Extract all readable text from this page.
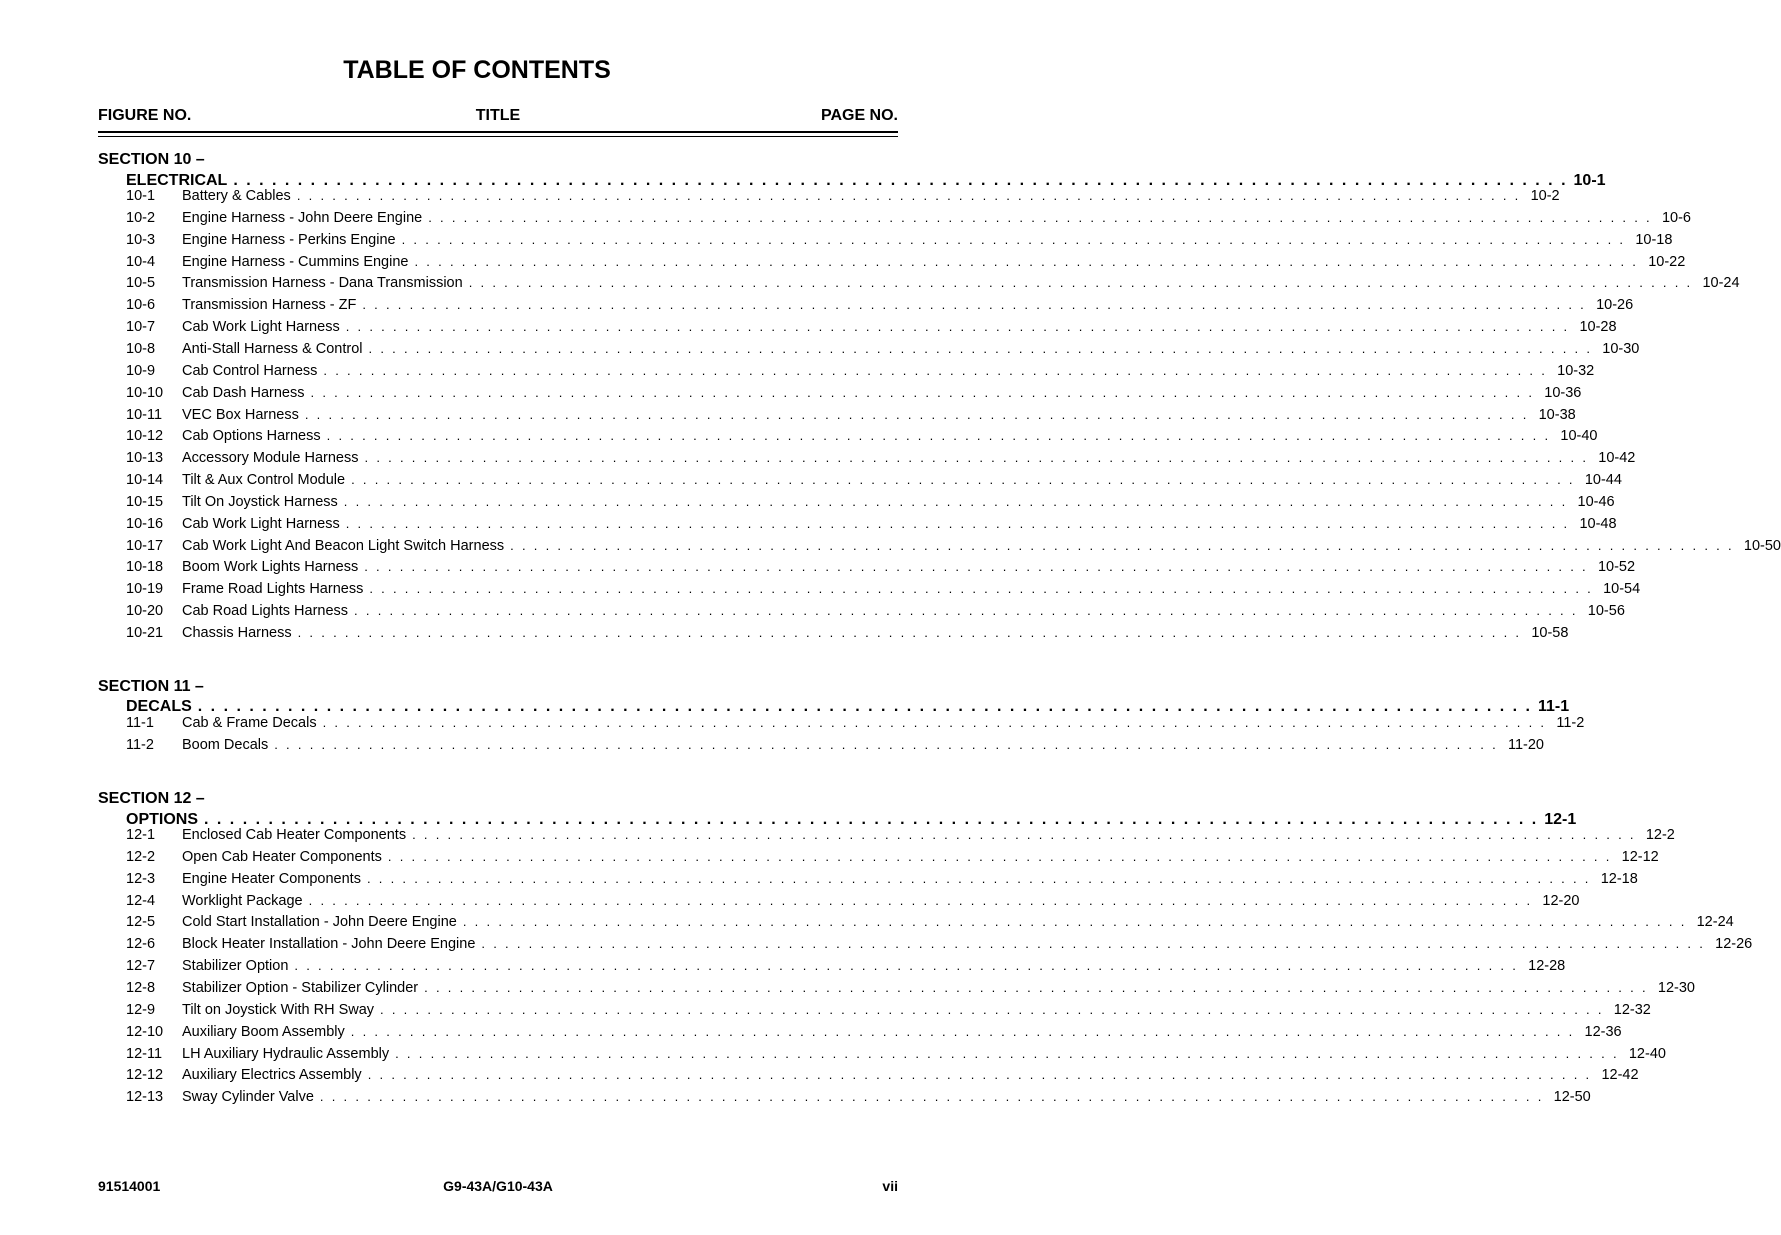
TABLE OF CONTENTS
FIGURE NO.	TITLE	PAGE NO.
SECTION 10 –
ELECTRICAL . . . . . . . . . . . . . . . . . . . . . . . . . . . . . . . . . . . . . . . . . . . . . . . . . . . . . . . . . . . . . . . . . . . . . . . . . . . . . . . . . . . . . . . . . . . . . . . . . . . . . . . . 10-1
10-1 Battery & Cables . . . . . . . . . . . . . . . . . . . . . . . . . . . . . . . . . . . . . . . . . . . . . . . . . . . . . . . . . . . . . . . . . . . . . . . . . . . . . . . . . . . . . . . . . . . . . . . . . . . . . . . . 10-2
10-2 Engine Harness - John Deere Engine . . . . . . . . . . . . . . . . . . . . . . . . . . . . . . . . . . . . . . . . . . . . . . . . . . . . . . . . . . . . . . . . . . . . . . . . . . . . . . . . . . . . . . . . . . . . . . . . . . . . . . . . 10-6
10-3 Engine Harness - Perkins Engine . . . . . . . . . . . . . . . . . . . . . . . . . . . . . . . . . . . . . . . . . . . . . . . . . . . . . . . . . . . . . . . . . . . . . . . . . . . . . . . . . . . . . . . . . . . . . . . . . . . . . . . . 10-18
10-4 Engine Harness - Cummins Engine . . . . . . . . . . . . . . . . . . . . . . . . . . . . . . . . . . . . . . . . . . . . . . . . . . . . . . . . . . . . . . . . . . . . . . . . . . . . . . . . . . . . . . . . . . . . . . . . . . . . . . . . 10-22
10-5 Transmission Harness - Dana Transmission . . . . . . . . . . . . . . . . . . . . . . . . . . . . . . . . . . . . . . . . . . . . . . . . . . . . . . . . . . . . . . . . . . . . . . . . . . . . . . . . . . . . . . . . . . . . . . . . . . . . . . . . 10-24
10-6 Transmission Harness - ZF . . . . . . . . . . . . . . . . . . . . . . . . . . . . . . . . . . . . . . . . . . . . . . . . . . . . . . . . . . . . . . . . . . . . . . . . . . . . . . . . . . . . . . . . . . . . . . . . . . . . . . . . 10-26
10-7 Cab Work Light Harness . . . . . . . . . . . . . . . . . . . . . . . . . . . . . . . . . . . . . . . . . . . . . . . . . . . . . . . . . . . . . . . . . . . . . . . . . . . . . . . . . . . . . . . . . . . . . . . . . . . . . . . . 10-28
10-8 Anti-Stall Harness & Control . . . . . . . . . . . . . . . . . . . . . . . . . . . . . . . . . . . . . . . . . . . . . . . . . . . . . . . . . . . . . . . . . . . . . . . . . . . . . . . . . . . . . . . . . . . . . . . . . . . . . . . . 10-30
10-9 Cab Control Harness . . . . . . . . . . . . . . . . . . . . . . . . . . . . . . . . . . . . . . . . . . . . . . . . . . . . . . . . . . . . . . . . . . . . . . . . . . . . . . . . . . . . . . . . . . . . . . . . . . . . . . . . 10-32
10-10 Cab Dash Harness . . . . . . . . . . . . . . . . . . . . . . . . . . . . . . . . . . . . . . . . . . . . . . . . . . . . . . . . . . . . . . . . . . . . . . . . . . . . . . . . . . . . . . . . . . . . . . . . . . . . . . . . 10-36
10-11 VEC Box Harness . . . . . . . . . . . . . . . . . . . . . . . . . . . . . . . . . . . . . . . . . . . . . . . . . . . . . . . . . . . . . . . . . . . . . . . . . . . . . . . . . . . . . . . . . . . . . . . . . . . . . . . . 10-38
10-12 Cab Options Harness . . . . . . . . . . . . . . . . . . . . . . . . . . . . . . . . . . . . . . . . . . . . . . . . . . . . . . . . . . . . . . . . . . . . . . . . . . . . . . . . . . . . . . . . . . . . . . . . . . . . . . . . 10-40
10-13 Accessory Module Harness . . . . . . . . . . . . . . . . . . . . . . . . . . . . . . . . . . . . . . . . . . . . . . . . . . . . . . . . . . . . . . . . . . . . . . . . . . . . . . . . . . . . . . . . . . . . . . . . . . . . . . . . 10-42
10-14 Tilt & Aux Control Module . . . . . . . . . . . . . . . . . . . . . . . . . . . . . . . . . . . . . . . . . . . . . . . . . . . . . . . . . . . . . . . . . . . . . . . . . . . . . . . . . . . . . . . . . . . . . . . . . . . . . . . . 10-44
10-15 Tilt On Joystick Harness . . . . . . . . . . . . . . . . . . . . . . . . . . . . . . . . . . . . . . . . . . . . . . . . . . . . . . . . . . . . . . . . . . . . . . . . . . . . . . . . . . . . . . . . . . . . . . . . . . . . . . . . 10-46
10-16 Cab Work Light Harness . . . . . . . . . . . . . . . . . . . . . . . . . . . . . . . . . . . . . . . . . . . . . . . . . . . . . . . . . . . . . . . . . . . . . . . . . . . . . . . . . . . . . . . . . . . . . . . . . . . . . . . . 10-48
10-17 Cab Work Light And Beacon Light Switch Harness . . . . . . . . . . . . . . . . . . . . . . . . . . . . . . . . . . . . . . . . . . . . . . . . . . . . . . . . . . . . . . . . . . . . . . . . . . . . . . . . . . . . . . . . . . . . . . . . . . . . . . . . 10-50
10-18 Boom Work Lights Harness . . . . . . . . . . . . . . . . . . . . . . . . . . . . . . . . . . . . . . . . . . . . . . . . . . . . . . . . . . . . . . . . . . . . . . . . . . . . . . . . . . . . . . . . . . . . . . . . . . . . . . . . 10-52
10-19 Frame Road Lights Harness . . . . . . . . . . . . . . . . . . . . . . . . . . . . . . . . . . . . . . . . . . . . . . . . . . . . . . . . . . . . . . . . . . . . . . . . . . . . . . . . . . . . . . . . . . . . . . . . . . . . . . . . 10-54
10-20 Cab Road Lights Harness . . . . . . . . . . . . . . . . . . . . . . . . . . . . . . . . . . . . . . . . . . . . . . . . . . . . . . . . . . . . . . . . . . . . . . . . . . . . . . . . . . . . . . . . . . . . . . . . . . . . . . . . 10-56
10-21 Chassis Harness . . . . . . . . . . . . . . . . . . . . . . . . . . . . . . . . . . . . . . . . . . . . . . . . . . . . . . . . . . . . . . . . . . . . . . . . . . . . . . . . . . . . . . . . . . . . . . . . . . . . . . . . 10-58
SECTION 11 –
DECALS . . . . . . . . . . . . . . . . . . . . . . . . . . . . . . . . . . . . . . . . . . . . . . . . . . . . . . . . . . . . . . . . . . . . . . . . . . . . . . . . . . . . . . . . . . . . . . . . . . . . . . . . 11-1
11-1 Cab & Frame Decals . . . . . . . . . . . . . . . . . . . . . . . . . . . . . . . . . . . . . . . . . . . . . . . . . . . . . . . . . . . . . . . . . . . . . . . . . . . . . . . . . . . . . . . . . . . . . . . . . . . . . . . . 11-2
11-2 Boom Decals . . . . . . . . . . . . . . . . . . . . . . . . . . . . . . . . . . . . . . . . . . . . . . . . . . . . . . . . . . . . . . . . . . . . . . . . . . . . . . . . . . . . . . . . . . . . . . . . . . . . . . . . 11-20
SECTION 12 –
OPTIONS . . . . . . . . . . . . . . . . . . . . . . . . . . . . . . . . . . . . . . . . . . . . . . . . . . . . . . . . . . . . . . . . . . . . . . . . . . . . . . . . . . . . . . . . . . . . . . . . . . . . . . . . 12-1
12-1 Enclosed Cab Heater Components . . . . . . . . . . . . . . . . . . . . . . . . . . . . . . . . . . . . . . . . . . . . . . . . . . . . . . . . . . . . . . . . . . . . . . . . . . . . . . . . . . . . . . . . . . . . . . . . . . . . . . . . 12-2
12-2 Open Cab Heater Components . . . . . . . . . . . . . . . . . . . . . . . . . . . . . . . . . . . . . . . . . . . . . . . . . . . . . . . . . . . . . . . . . . . . . . . . . . . . . . . . . . . . . . . . . . . . . . . . . . . . . . . . 12-12
12-3 Engine Heater Components . . . . . . . . . . . . . . . . . . . . . . . . . . . . . . . . . . . . . . . . . . . . . . . . . . . . . . . . . . . . . . . . . . . . . . . . . . . . . . . . . . . . . . . . . . . . . . . . . . . . . . . . 12-18
12-4 Worklight Package . . . . . . . . . . . . . . . . . . . . . . . . . . . . . . . . . . . . . . . . . . . . . . . . . . . . . . . . . . . . . . . . . . . . . . . . . . . . . . . . . . . . . . . . . . . . . . . . . . . . . . . . 12-20
12-5 Cold Start Installation - John Deere Engine . . . . . . . . . . . . . . . . . . . . . . . . . . . . . . . . . . . . . . . . . . . . . . . . . . . . . . . . . . . . . . . . . . . . . . . . . . . . . . . . . . . . . . . . . . . . . . . . . . . . . . . . 12-24
12-6 Block Heater Installation - John Deere Engine . . . . . . . . . . . . . . . . . . . . . . . . . . . . . . . . . . . . . . . . . . . . . . . . . . . . . . . . . . . . . . . . . . . . . . . . . . . . . . . . . . . . . . . . . . . . . . . . . . . . . . . . 12-26
12-7 Stabilizer Option . . . . . . . . . . . . . . . . . . . . . . . . . . . . . . . . . . . . . . . . . . . . . . . . . . . . . . . . . . . . . . . . . . . . . . . . . . . . . . . . . . . . . . . . . . . . . . . . . . . . . . . . 12-28
12-8 Stabilizer Option - Stabilizer Cylinder . . . . . . . . . . . . . . . . . . . . . . . . . . . . . . . . . . . . . . . . . . . . . . . . . . . . . . . . . . . . . . . . . . . . . . . . . . . . . . . . . . . . . . . . . . . . . . . . . . . . . . . . 12-30
12-9 Tilt on Joystick With RH Sway . . . . . . . . . . . . . . . . . . . . . . . . . . . . . . . . . . . . . . . . . . . . . . . . . . . . . . . . . . . . . . . . . . . . . . . . . . . . . . . . . . . . . . . . . . . . . . . . . . . . . . . . 12-32
12-10 Auxiliary Boom Assembly . . . . . . . . . . . . . . . . . . . . . . . . . . . . . . . . . . . . . . . . . . . . . . . . . . . . . . . . . . . . . . . . . . . . . . . . . . . . . . . . . . . . . . . . . . . . . . . . . . . . . . . . 12-36
12-11 LH Auxiliary Hydraulic Assembly . . . . . . . . . . . . . . . . . . . . . . . . . . . . . . . . . . . . . . . . . . . . . . . . . . . . . . . . . . . . . . . . . . . . . . . . . . . . . . . . . . . . . . . . . . . . . . . . . . . . . . . . 12-40
12-12 Auxiliary Electrics Assembly . . . . . . . . . . . . . . . . . . . . . . . . . . . . . . . . . . . . . . . . . . . . . . . . . . . . . . . . . . . . . . . . . . . . . . . . . . . . . . . . . . . . . . . . . . . . . . . . . . . . . . . . 12-42
12-13 Sway Cylinder Valve . . . . . . . . . . . . . . . . . . . . . . . . . . . . . . . . . . . . . . . . . . . . . . . . . . . . . . . . . . . . . . . . . . . . . . . . . . . . . . . . . . . . . . . . . . . . . . . . . . . . . . . . 12-50
91514001	G9-43A/G10-43A	vii
